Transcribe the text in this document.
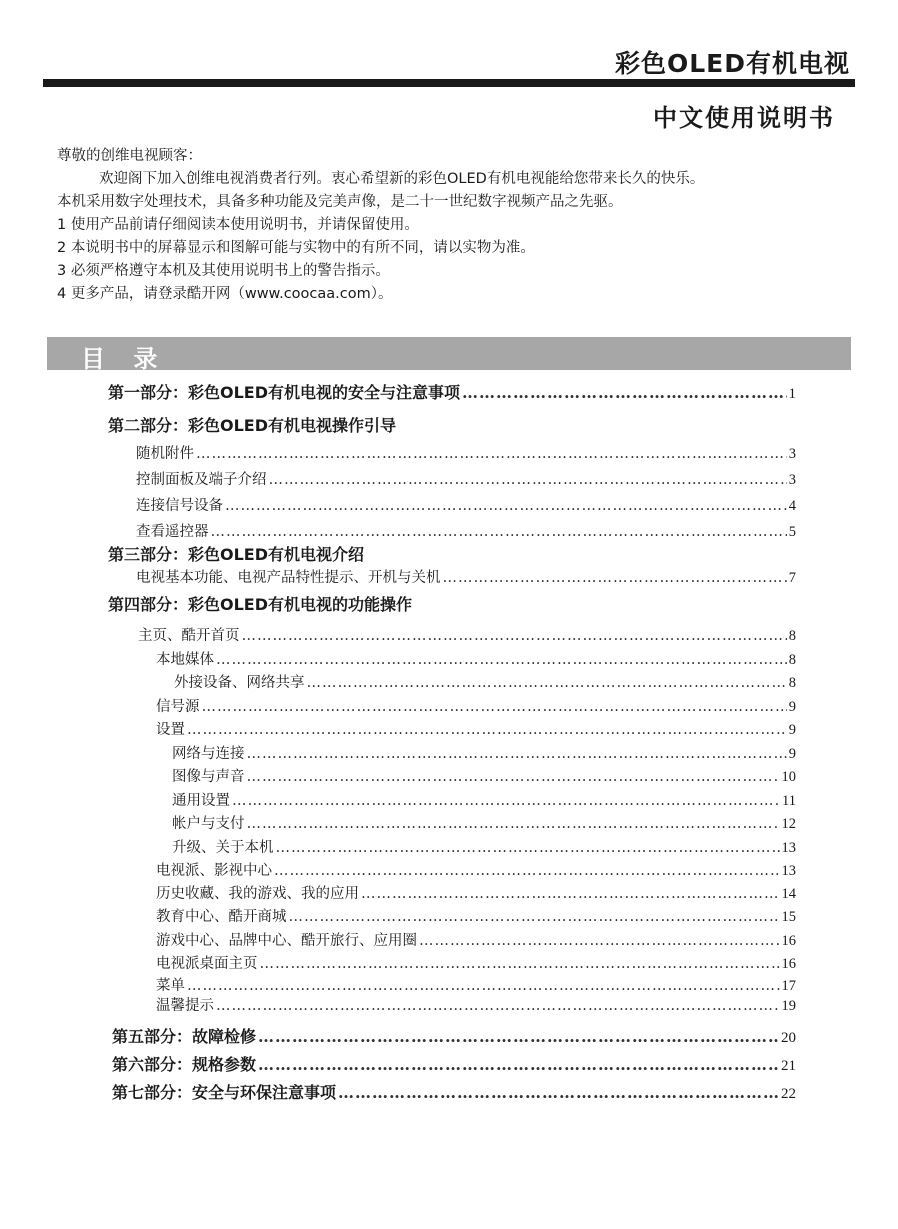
彩色OLED有机电视
中文使用说明书
尊敬的创维电视顾客：
欢迎阁下加入创维电视消费者行列。衷心希望新的彩色OLED有机电视能给您带来长久的快乐。
本机采用数字处理技术，具备多种功能及完美声像，是二十一世纪数字视频产品之先驱。
1 使用产品前请仔细阅读本使用说明书，并请保留使用。
2 本说明书中的屏幕显示和图解可能与实物中的有所不同，请以实物为准。
3 必须严格遵守本机及其使用说明书上的警告指示。
4 更多产品，请登录酷开网（www.coocaa.com）。
目 录
第一部分：彩色OLED有机电视的安全与注意事项 …………………………………………………………………………………………………………………………………………………………………………………………	1
第二部分：彩色OLED有机电视操作引导
随机附件 …………………………………………………………………………………………………………………………………………………………………………………………	3
控制面板及端子介绍 …………………………………………………………………………………………………………………………………………………………………………………………	3
连接信号设备 …………………………………………………………………………………………………………………………………………………………………………………………	4
查看遥控器 …………………………………………………………………………………………………………………………………………………………………………………………	5
第三部分：彩色OLED有机电视介绍
电视基本功能、电视产品特性提示、开机与关机 …………………………………………………………………………………………………………………………………………………………………………………………	7
第四部分：彩色OLED有机电视的功能操作
主页、酷开首页 …………………………………………………………………………………………………………………………………………………………………………………………	8
本地媒体 …………………………………………………………………………………………………………………………………………………………………………………………	8
外接设备、网络共享 …………………………………………………………………………………………………………………………………………………………………………………………	8
信号源 …………………………………………………………………………………………………………………………………………………………………………………………	9
设置 …………………………………………………………………………………………………………………………………………………………………………………………	9
网络与连接 …………………………………………………………………………………………………………………………………………………………………………………………	9
图像与声音 …………………………………………………………………………………………………………………………………………………………………………………………	10
通用设置 …………………………………………………………………………………………………………………………………………………………………………………………	11
帐户与支付 …………………………………………………………………………………………………………………………………………………………………………………………	12
升级、关于本机 …………………………………………………………………………………………………………………………………………………………………………………………	13
电视派、影视中心 …………………………………………………………………………………………………………………………………………………………………………………………	13
历史收藏、我的游戏、我的应用 …………………………………………………………………………………………………………………………………………………………………………………………	14
教育中心、酷开商城 …………………………………………………………………………………………………………………………………………………………………………………………	15
游戏中心、品牌中心、酷开旅行、应用圈 …………………………………………………………………………………………………………………………………………………………………………………………	16
电视派桌面主页 …………………………………………………………………………………………………………………………………………………………………………………………	16
菜单 …………………………………………………………………………………………………………………………………………………………………………………………	17
温馨提示 …………………………………………………………………………………………………………………………………………………………………………………………	19
第五部分：故障检修 …………………………………………………………………………………………………………………………………………………………………………………………	20
第六部分：规格参数 …………………………………………………………………………………………………………………………………………………………………………………………	21
第七部分：安全与环保注意事项 …………………………………………………………………………………………………………………………………………………………………………………………	22
